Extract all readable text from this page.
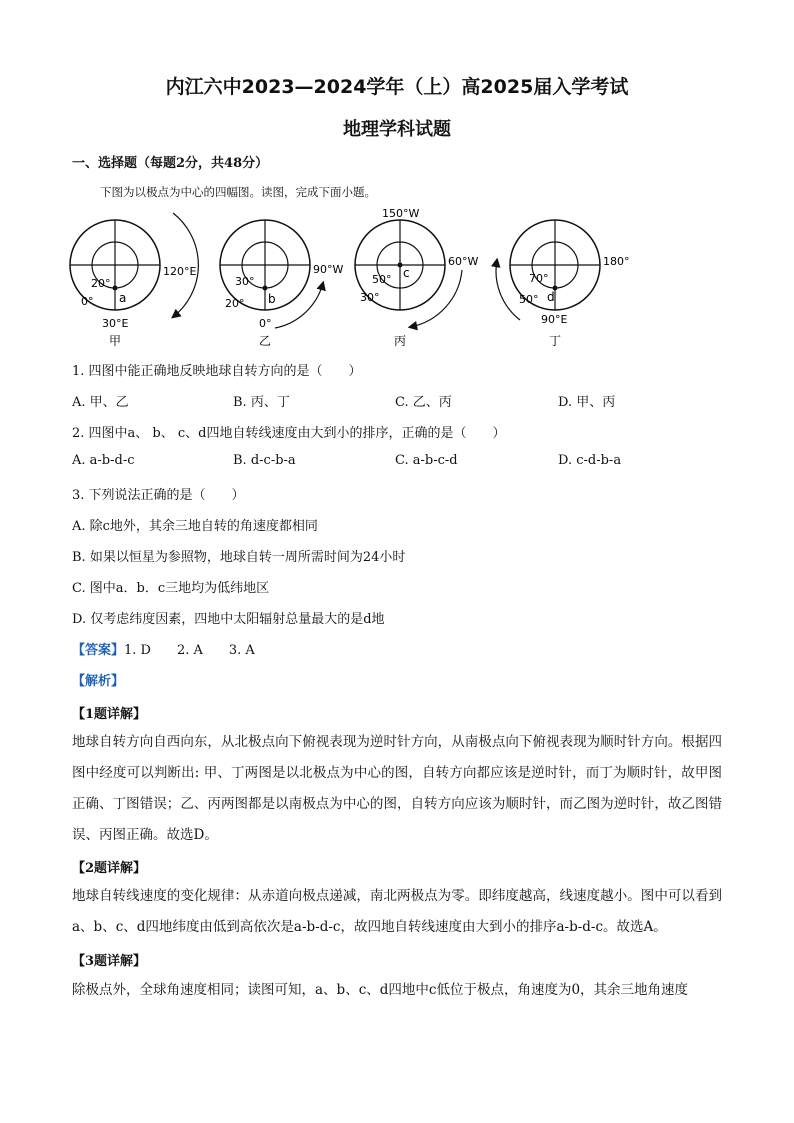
内江六中2023—2024学年（上）高2025届入学考试
地理学科试题
一、选择题（每题2分，共48分）
下图为以极点为中心的四幅图。读图，完成下面小题。
120°E
20°
0° a
30°E
甲
90°W
30°
20° b
0°
乙
150°W
60°W
50°
30°
c
丙
180°
70°
50° d
90°E
丁
1. 四图中能正确地反映地球自转方向的是（　　）
A. 甲、乙	B. 丙、丁	C. 乙、丙	D. 甲、丙
2. 四图中a、 b、 c、d四地自转线速度由大到小的排序，正确的是（　　）
A. a-b-d-c	B. d-c-b-a	C. a-b-c-d	D. c-d-b-a
3. 下列说法正确的是（　　）
A. 除c地外，其余三地自转的角速度都相同
B. 如果以恒星为参照物，地球自转一周所需时间为24小时
C. 图中a．b．c三地均为低纬地区
D. 仅考虑纬度因素，四地中太阳辐射总量最大的是d地
【答案】1. D　　2. A　　3. A
【解析】
【1题详解】
地球自转方向自西向东，从北极点向下俯视表现为逆时针方向，从南极点向下俯视表现为顺时针方向。根据四图中经度可以判断出: 甲、丁两图是以北极点为中心的图，自转方向都应该是逆时针，而丁为顺时针，故甲图正确、丁图错误；乙、丙两图都是以南极点为中心的图，自转方向应该为顺时针，而乙图为逆时针，故乙图错误、丙图正确。故选D。
【2题详解】
地球自转线速度的变化规律：从赤道向极点递减，南北两极点为零。即纬度越高，线速度越小。图中可以看到a、b、c、d四地纬度由低到高依次是a-b-d-c，故四地自转线速度由大到小的排序a-b-d-c。故选A。
【3题详解】
除极点外，全球角速度相同；读图可知，a、b、c、d四地中c低位于极点，角速度为0，其余三地角速度
